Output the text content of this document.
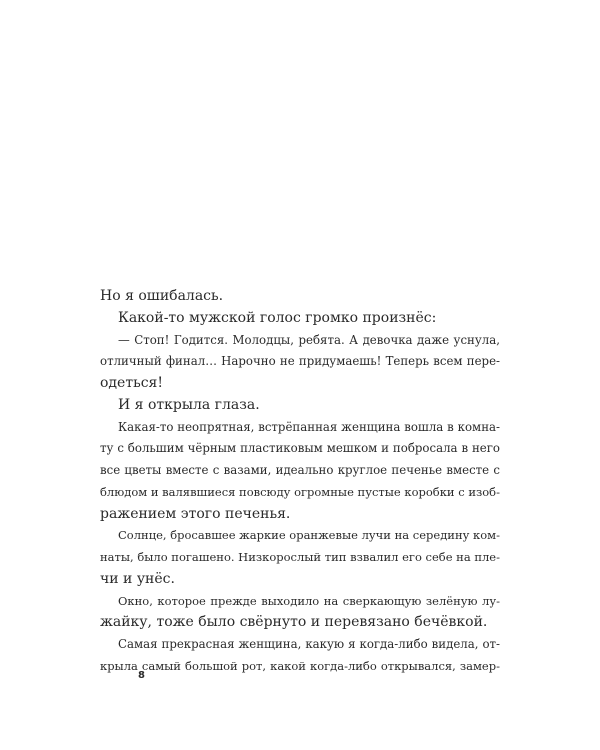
Но я ошибалась.
Какой-то мужской голос громко произнёс:
— Стоп! Годится. Молодцы, ребята. А девочка даже уснула,
отличный финал… Нарочно не придумаешь! Теперь всем пере-
одеться!
И я открыла глаза.
Какая-то неопрятная, встрёпанная женщина вошла в комна-
ту с большим чёрным пластиковым мешком и побросала в него
все цветы вместе с вазами, идеально круглое печенье вместе с
блюдом и валявшиеся повсюду огромные пустые коробки с изоб-
ражением этого печенья.
Солнце, бросавшее жаркие оранжевые лучи на середину ком-
наты, было погашено. Низкорослый тип взвалил его себе на пле-
чи и унёс.
Окно, которое прежде выходило на сверкающую зелёную лу-
жайку, тоже было свёрнуто и перевязано бечёвкой.
Самая прекрасная женщина, какую я когда-либо видела, от-
крыла самый большой рот, какой когда-либо открывался, замер-
8
